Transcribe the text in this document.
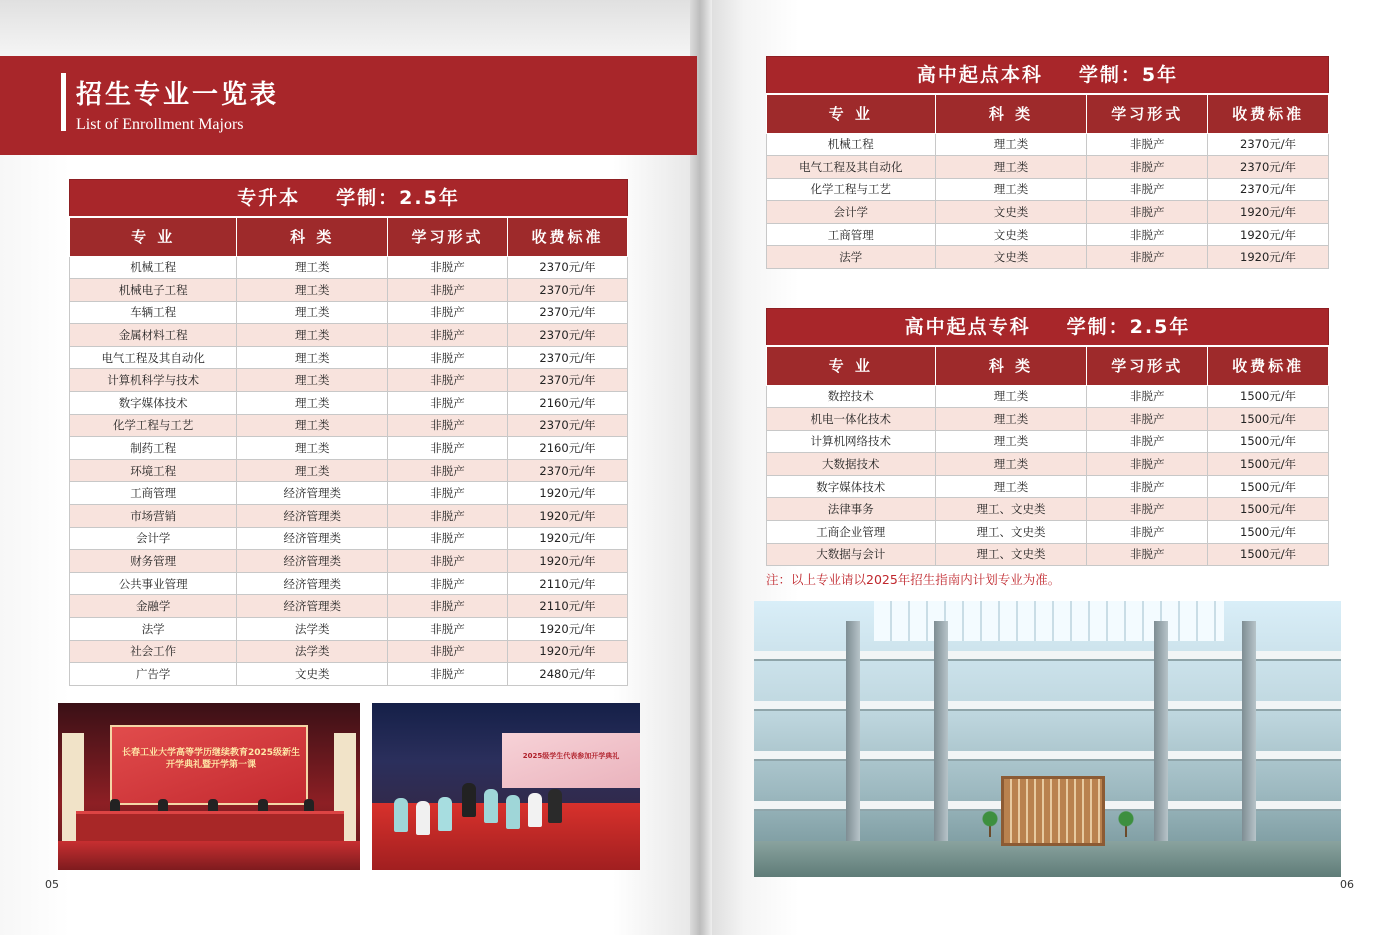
招生专业一览表
List of Enrollment Majors
专升本 学制：2.5年
专 业	科 类	学习形式	收费标准
机械工程	理工类	非脱产	2370元/年
机械电子工程	理工类	非脱产	2370元/年
车辆工程	理工类	非脱产	2370元/年
金属材料工程	理工类	非脱产	2370元/年
电气工程及其自动化	理工类	非脱产	2370元/年
计算机科学与技术	理工类	非脱产	2370元/年
数字媒体技术	理工类	非脱产	2160元/年
化学工程与工艺	理工类	非脱产	2370元/年
制药工程	理工类	非脱产	2160元/年
环境工程	理工类	非脱产	2370元/年
工商管理	经济管理类	非脱产	1920元/年
市场营销	经济管理类	非脱产	1920元/年
会计学	经济管理类	非脱产	1920元/年
财务管理	经济管理类	非脱产	1920元/年
公共事业管理	经济管理类	非脱产	2110元/年
金融学	经济管理类	非脱产	2110元/年
法学	法学类	非脱产	1920元/年
社会工作	法学类	非脱产	1920元/年
广告学	文史类	非脱产	2480元/年
高中起点本科 学制：5年
专 业	科 类	学习形式	收费标准
机械工程	理工类	非脱产	2370元/年
电气工程及其自动化	理工类	非脱产	2370元/年
化学工程与工艺	理工类	非脱产	2370元/年
会计学	文史类	非脱产	1920元/年
工商管理	文史类	非脱产	1920元/年
法学	文史类	非脱产	1920元/年
高中起点专科 学制：2.5年
专 业	科 类	学习形式	收费标准
数控技术	理工类	非脱产	1500元/年
机电一体化技术	理工类	非脱产	1500元/年
计算机网络技术	理工类	非脱产	1500元/年
大数据技术	理工类	非脱产	1500元/年
数字媒体技术	理工类	非脱产	1500元/年
法律事务	理工、文史类	非脱产	1500元/年
工商企业管理	理工、文史类	非脱产	1500元/年
大数据与会计	理工、文史类	非脱产	1500元/年
注：以上专业请以2025年招生指南内计划专业为准。
长春工业大学高等学历继续教育2025级新生开学典礼暨开学第一课
2025级学生代表参加开学典礼
05	06
